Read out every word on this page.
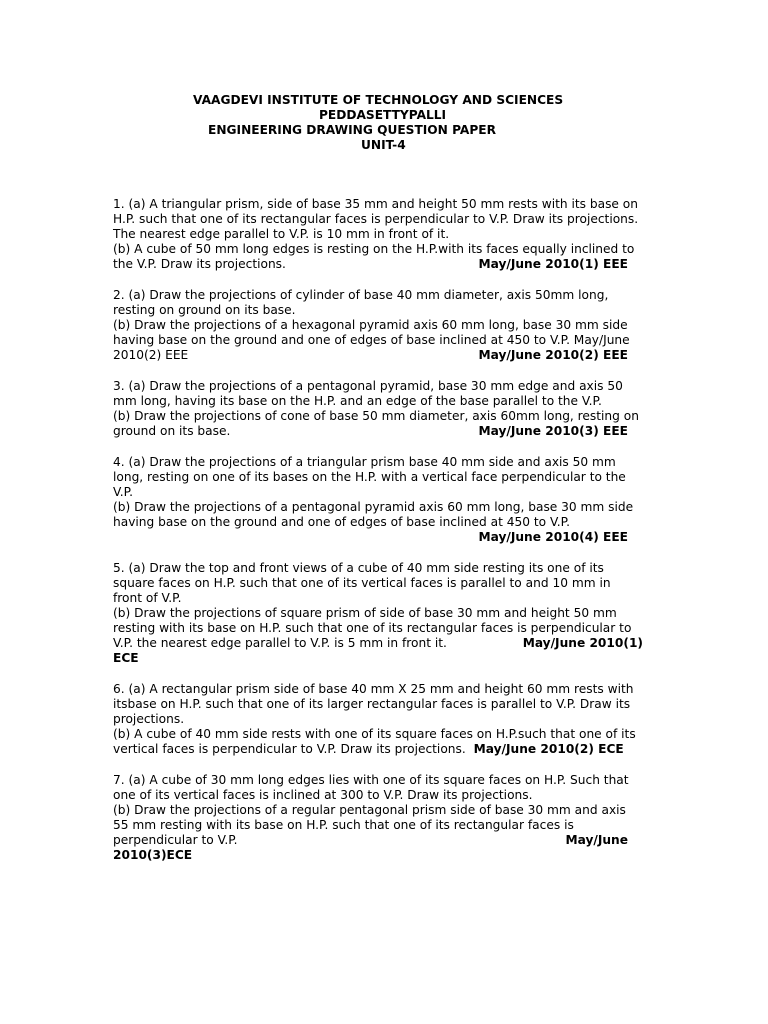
VAAGDEVI INSTITUTE OF TECHNOLOGY AND SCIENCES
PEDDASETTYPALLI
ENGINEERING DRAWING QUESTION PAPER
UNIT-4
1. (a) A triangular prism, side of base 35 mm and height 50 mm rests with its base on
H.P. such that one of its rectangular faces is perpendicular to V.P. Draw its projections.
The nearest edge parallel to V.P. is 10 mm in front of it.
(b) A cube of 50 mm long edges is resting on the H.P.with its faces equally inclined to
the V.P. Draw its projections.	May/June 2010(1) EEE
2. (a) Draw the projections of cylinder of base 40 mm diameter, axis 50mm long,
resting on ground on its base.
(b) Draw the projections of a hexagonal pyramid axis 60 mm long, base 30 mm side
having base on the ground and one of edges of base inclined at 450 to V.P. May/June
2010(2) EEE	May/June 2010(2) EEE
3. (a) Draw the projections of a pentagonal pyramid, base 30 mm edge and axis 50
mm long, having its base on the H.P. and an edge of the base parallel to the V.P.
(b) Draw the projections of cone of base 50 mm diameter, axis 60mm long, resting on
ground on its base.	May/June 2010(3) EEE
4. (a) Draw the projections of a triangular prism base 40 mm side and axis 50 mm
long, resting on one of its bases on the H.P. with a vertical face perpendicular to the
V.P.
(b) Draw the projections of a pentagonal pyramid axis 60 mm long, base 30 mm side
having base on the ground and one of edges of base inclined at 450 to V.P.
May/June 2010(4) EEE
5. (a) Draw the top and front views of a cube of 40 mm side resting its one of its
square faces on H.P. such that one of its vertical faces is parallel to and 10 mm in
front of V.P.
(b) Draw the projections of square prism of side of base 30 mm and height 50 mm
resting with its base on H.P. such that one of its rectangular faces is perpendicular to
V.P. the nearest edge parallel to V.P. is 5 mm in front it.	May/June 2010(1)
ECE
6. (a) A rectangular prism side of base 40 mm X 25 mm and height 60 mm rests with
itsbase on H.P. such that one of its larger rectangular faces is parallel to V.P. Draw its
projections.
(b) A cube of 40 mm side rests with one of its square faces on H.P.such that one of its
vertical faces is perpendicular to V.P. Draw its projections. May/June 2010(2) ECE
7. (a) A cube of 30 mm long edges lies with one of its square faces on H.P. Such that
one of its vertical faces is inclined at 300 to V.P. Draw its projections.
(b) Draw the projections of a regular pentagonal prism side of base 30 mm and axis
55 mm resting with its base on H.P. such that one of its rectangular faces is
perpendicular to V.P.	May/June
2010(3)ECE
